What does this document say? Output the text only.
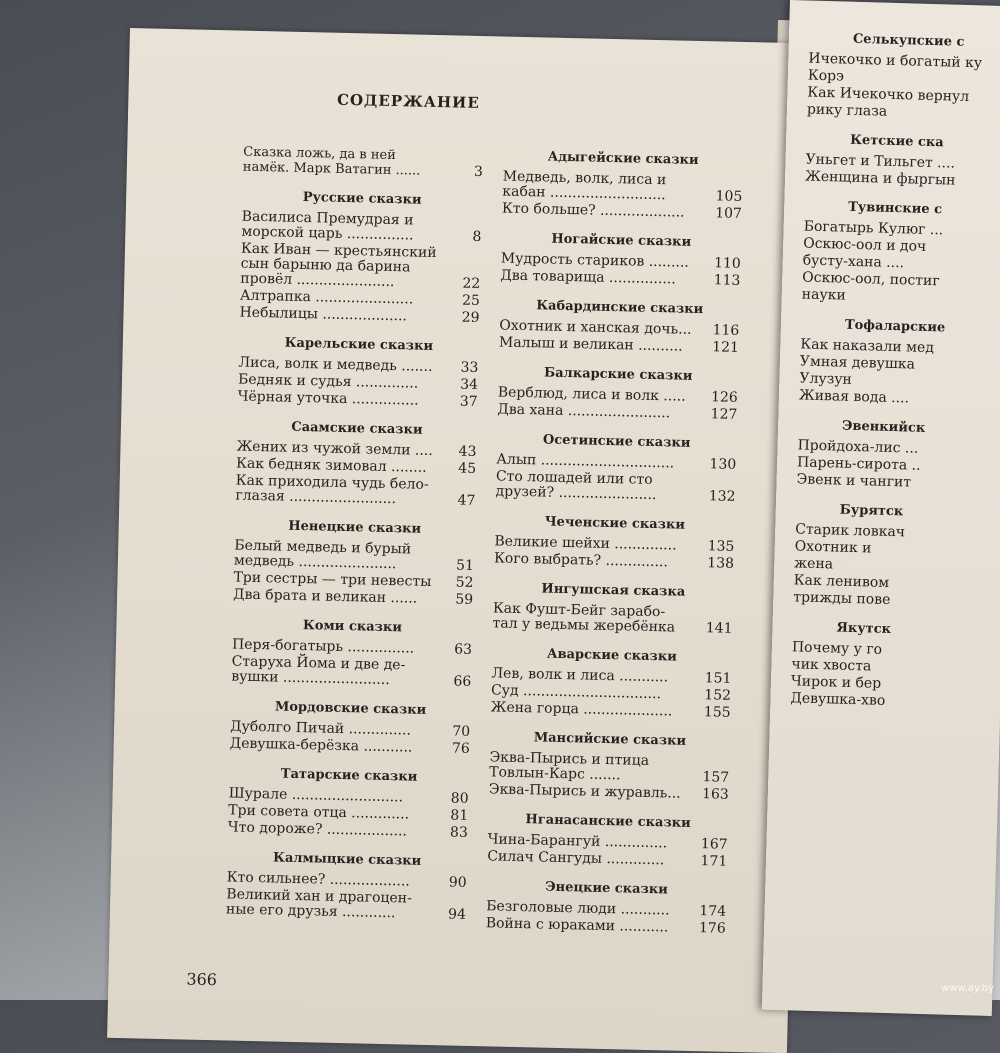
СОДЕРЖАНИЕ
Сказка ложь, да в ней
намёк. Марк Ватагин ......	3
Русские сказки
Василиса Премудрая и
морской царь ...............	8
Как Иван — крестьянский
сын барыню да барина
провёл ......................	22
Алтрапка ......................	25
Небылицы ...................	29
Карельские сказки
Лиса, волк и медведь .......	33
Бедняк и судья ..............	34
Чёрная уточка ...............	37
Саамские сказки
Жених из чужой земли ....	43
Как бедняк зимовал ........	45
Как приходила чудь бело-
глазая ........................	47
Ненецкие сказки
Белый медведь и бурый
медведь ......................	51
Три сестры — три невесты	52
Два брата и великан ......	59
Коми сказки
Перя-богатырь ...............	63
Старуха Йома и две де-
вушки ........................	66
Мордовские сказки
Дуболго Пичай ..............	70
Девушка-берёзка ...........	76
Татарские сказки
Шурале .........................	80
Три совета отца .............	81
Что дороже? ..................	83
Калмыцкие сказки
Кто сильнее? ..................	90
Великий хан и драгоцен-
ные его друзья ............	94
Адыгейские сказки
Медведь, волк, лиса и
кабан ..........................	105
Кто больше? ...................	107
Ногайские сказки
Мудрость стариков .........	110
Два товарища ...............	113
Кабардинские сказки
Охотник и ханская дочь...	116
Малыш и великан ..........	121
Балкарские сказки
Верблюд, лиса и волк .....	126
Два хана .......................	127
Осетинские сказки
Алып ..............................	130
Сто лошадей или сто
друзей? ......................	132
Чеченские сказки
Великие шейхи ..............	135
Кого выбрать? ..............	138
Ингушская сказка
Как Фушт-Бейг зарабо-
тал у ведьмы жеребёнка	141
Аварские сказки
Лев, волк и лиса ...........	151
Суд ...............................	152
Жена горца ....................	155
Мансийские сказки
Эква-Пырись и птица
Товлын-Карс .......	157
Эква-Пырись и журавль...	163
Нганасанские сказки
Чина-Барангуй ..............	167
Силач Сангуды .............	171
Энецкие сказки
Безголовые люди ...........	174
Война с юраками ...........	176
366
Селькупские с
Ичекочко и богатый ку
Корэ
Как Ичекочко вернул
рику глаза
Кетские ска
Уньгет и Тильгет ....
Женщина и фыргын
Тувинские с
Богатырь Кулюг ...
Оскюс-оол и доч
бусту-хана ....
Оскюс-оол, постиг
науки
Тофаларские
Как наказали мед
Умная девушка
Улузун
Живая вода ....
Эвенкийск
Пройдоха-лис ...
Парень-сирота ..
Эвенк и чангит
Бурятск
Старик ловкач
Охотник и
жена
Как ленивом
трижды пове
Якутск
Почему у го
чик хвоста
Чирок и бер
Девушка-хво
www.ay.by
